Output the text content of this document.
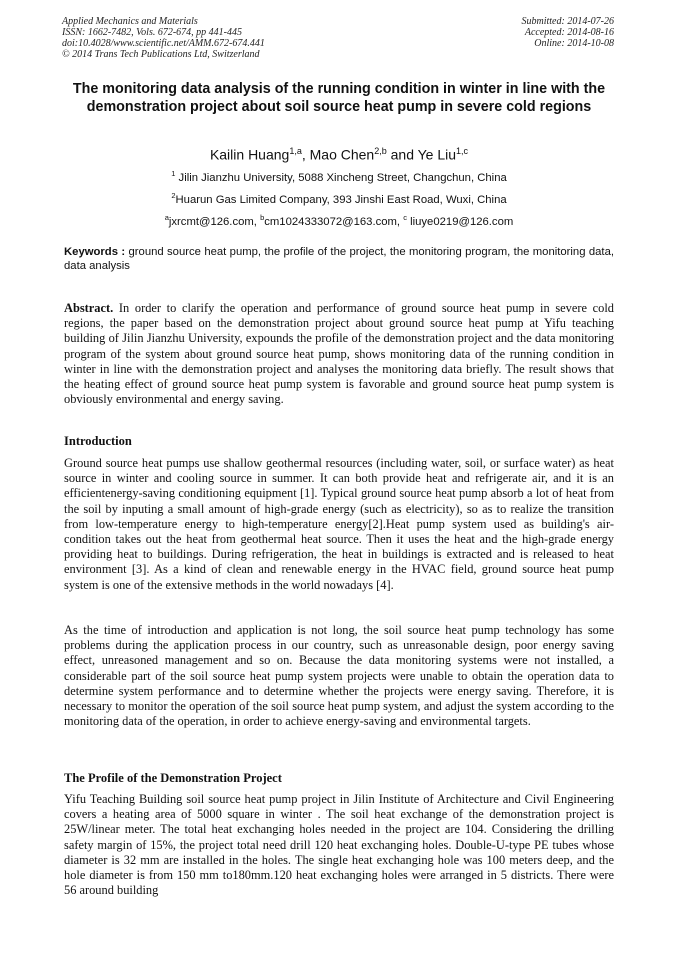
Applied Mechanics and Materials
ISSN: 1662-7482, Vols. 672-674, pp 441-445
doi:10.4028/www.scientific.net/AMM.672-674.441
© 2014 Trans Tech Publications Ltd, Switzerland
Submitted: 2014-07-26
Accepted: 2014-08-16
Online: 2014-10-08
The monitoring data analysis of the running condition in winter in line with the demonstration project about soil source heat pump in severe cold regions
Kailin Huang$^{1,a}$, Mao Chen$^{2,b}$ and Ye Liu$^{1,c}$
$^1$ Jilin Jianzhu University, 5088 Xincheng Street, Changchun, China
$^2$Huarun Gas Limited Company, 393 Jinshi East Road, Wuxi, China
$^a$jxrcmt@126.com, $^b$cm1024333072@163.com, $^c$ liuye0219@126.com
Keywords : ground source heat pump, the profile of the project, the monitoring program, the monitoring data, data analysis
Abstract. In order to clarify the operation and performance of ground source heat pump in severe cold regions, the paper based on the demonstration project about ground source heat pump at Yifu teaching building of Jilin Jianzhu University, expounds the profile of the demonstration project and the data monitoring program of the system about ground source heat pump, shows monitoring data of the running condition in winter in line with the demonstration project and analyses the monitoring data briefly. The result shows that the heating effect of ground source heat pump system is favorable and ground source heat pump system is obviously environmental and energy saving.
Introduction
Ground source heat pumps use shallow geothermal resources (including water, soil, or surface water) as heat source in winter and cooling source in summer. It can both provide heat and refrigerate air, and it is an efficientenergy-saving conditioning equipment [1]. Typical ground source heat pump absorb a lot of heat from the soil by inputing a small amount of high-grade energy (such as electricity), so as to realize the transition from low-temperature energy to high-temperature energy[2].Heat pump system used as building's air-condition takes out the heat from geothermal heat source. Then it uses the heat and the high-grade energy providing heat to buildings. During refrigeration, the heat in buildings is extracted and is released to heat environment [3]. As a kind of clean and renewable energy in the HVAC field, ground source heat pump system is one of the extensive methods in the world nowadays [4].
As the time of introduction and application is not long, the soil source heat pump technology has some problems during the application process in our country, such as unreasonable design, poor energy saving effect, unreasoned management and so on. Because the data monitoring systems were not installed, a considerable part of the soil source heat pump system projects were unable to obtain the operation data to determine system performance and to determine whether the projects were energy saving. Therefore, it is necessary to monitor the operation of the soil source heat pump system, and adjust the system according to the monitoring data of the operation, in order to achieve energy-saving and environmental targets.
The Profile of the Demonstration Project
Yifu Teaching Building soil source heat pump project in Jilin Institute of Architecture and Civil Engineering covers a heating area of 5000 square in winter . The soil heat exchange of the demonstration project is 25W/linear meter. The total heat exchanging holes needed in the project are 104. Considering the drilling safety margin of 15%, the project total need drill 120 heat exchanging holes. Double-U-type PE tubes whose diameter is 32 mm are installed in the holes. The single heat exchanging hole was 100 meters deep, and the hole diameter is from 150 mm to180mm.120 heat exchanging holes were arranged in 5 districts. There were 56 around building
